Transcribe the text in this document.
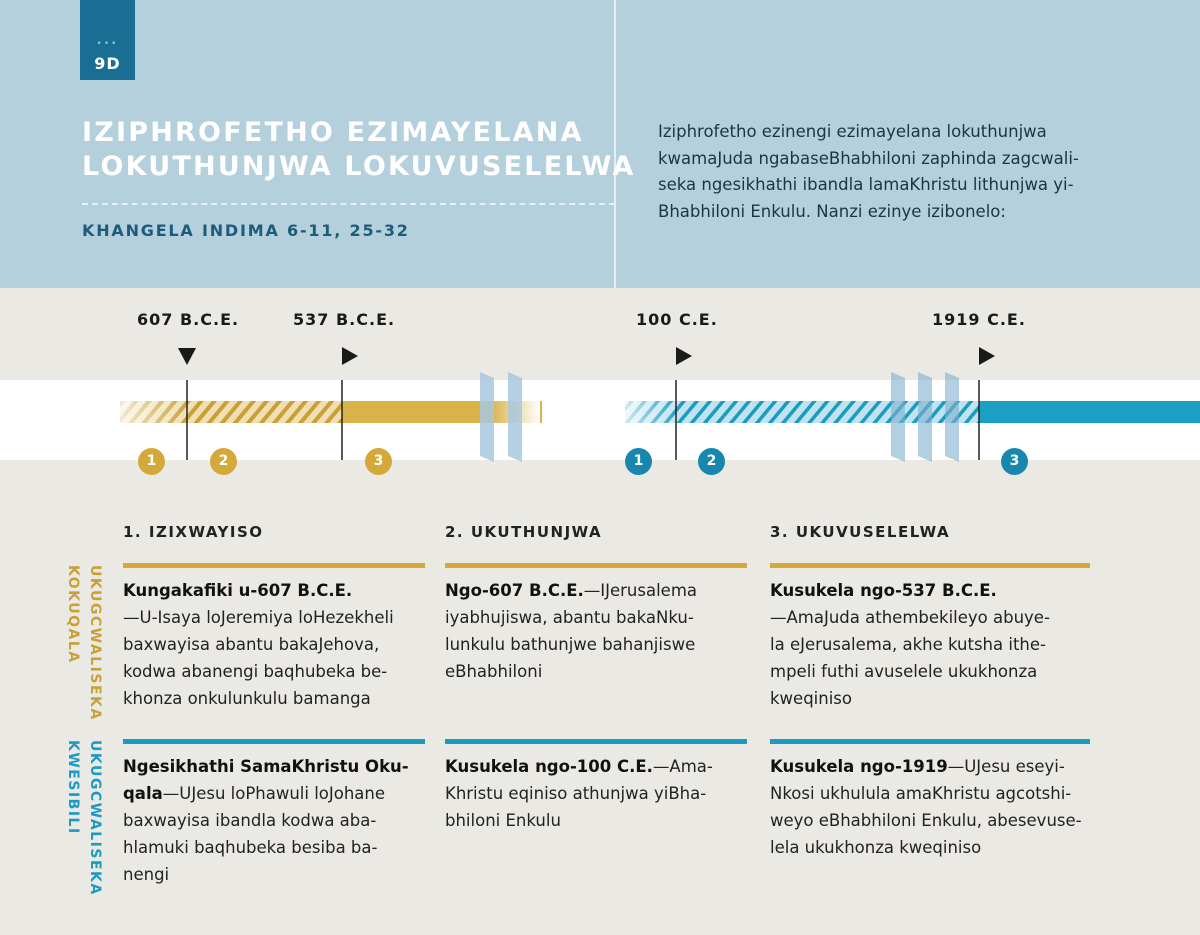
•••
9D
IZIPHROFETHO EZIMAYELANA
LOKUTHUNJWA LOKUVUSELELWA
KHANGELA INDIMA 6-11, 25-32
Iziphrofetho ezinengi ezimayelana lokuthunjwa
kwamaJuda ngabaseBhabhiloni zaphinda zagcwali-
seka ngesikhathi ibandla lamaKhristu lithunjwa yi-
Bhabhiloni Enkulu. Nanzi ezinye izibonelo:
607 B.C.E.	537 B.C.E.	100 C.E.	1919 C.E.
1	2	3	1	2	3
UKUGCWALISEKA
KOKUQALA
UKUGCWALISEKA
KWESIBILI
1. IZIXWAYISO	2. UKUTHUNJWA	3. UKUVUSELELWA
Kungakafiki u-607 B.C.E.
—U-Isaya loJeremiya loHezekheli
baxwayisa abantu bakaJehova,
kodwa abanengi baqhubeka be-
khonza onkulunkulu bamanga
Ngo-607 B.C.E.—IJerusalema
iyabhujiswa, abantu bakaNku-
lunkulu bathunjwe bahanjiswe
eBhabhiloni
Kusukela ngo-537 B.C.E.
—AmaJuda athembekileyo abuye-
la eJerusalema, akhe kutsha ithe-
mpeli futhi avuselele ukukhonza
kweqiniso
Ngesikhathi SamaKhristu Oku-
qala—UJesu loPhawuli loJohane
baxwayisa ibandla kodwa aba-
hlamuki baqhubeka besiba ba-
nengi
Kusukela ngo-100 C.E.—Ama-
Khristu eqiniso athunjwa yiBha-
bhiloni Enkulu
Kusukela ngo-1919—UJesu eseyi-
Nkosi ukhulula amaKhristu agcotshi-
weyo eBhabhiloni Enkulu, abesevuse-
lela ukukhonza kweqiniso
